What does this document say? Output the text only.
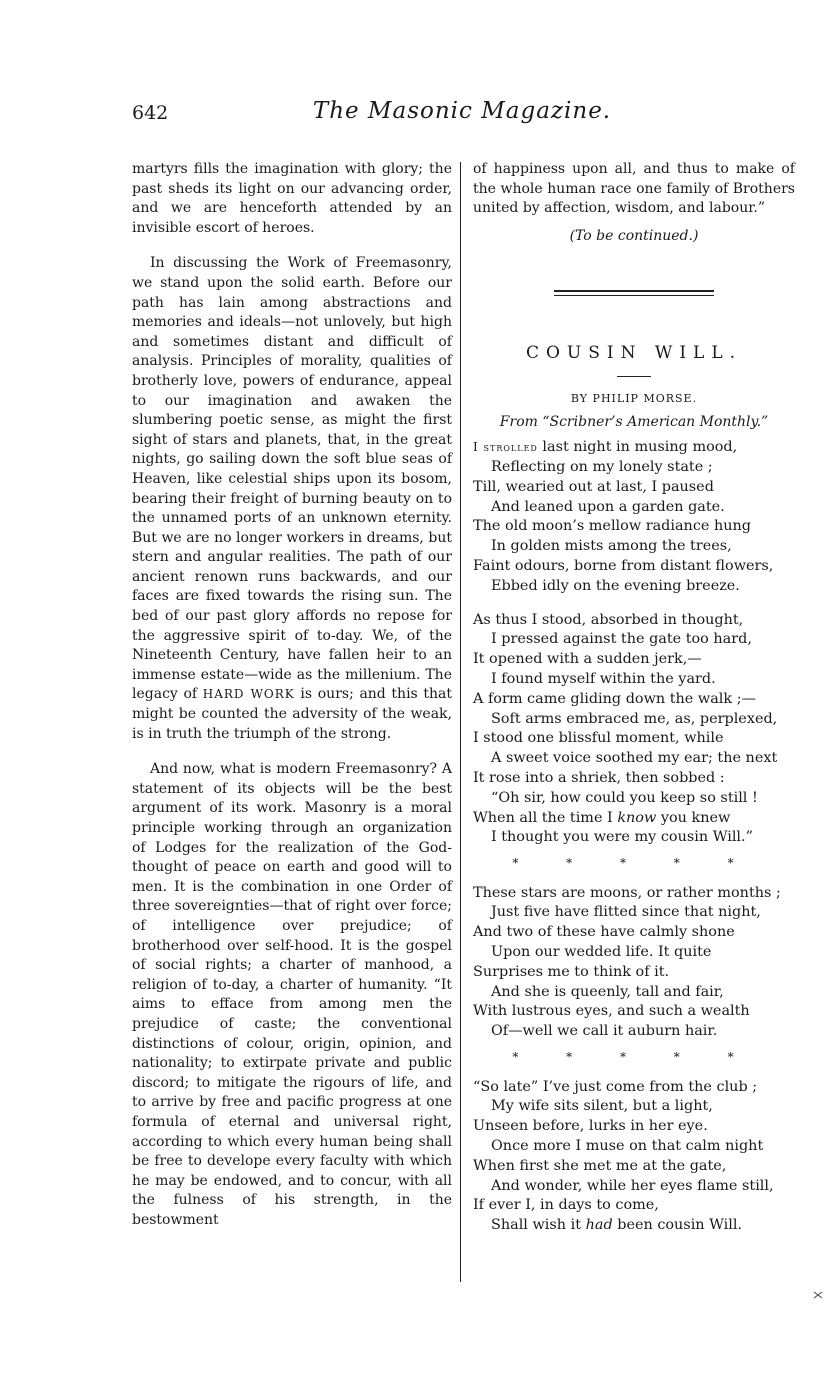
642	The Masonic Magazine.

martyrs fills the imagination with glory; the past sheds its light on our advancing order, and we are henceforth attended by an invisible escort of heroes.

In discussing the Work of Freemasonry, we stand upon the solid earth. Before our path has lain among abstractions and memories and ideals—not unlovely, but high and sometimes distant and difficult of analysis. Principles of morality, qualities of brotherly love, powers of endurance, appeal to our imagination and awaken the slumbering poetic sense, as might the first sight of stars and planets, that, in the great nights, go sailing down the soft blue seas of Heaven, like celestial ships upon its bosom, bearing their freight of burning beauty on to the unnamed ports of an unknown eternity. But we are no longer workers in dreams, but stern and angular realities. The path of our ancient renown runs backwards, and our faces are fixed towards the rising sun. The bed of our past glory affords no repose for the aggressive spirit of to-day. We, of the Nineteenth Century, have fallen heir to an immense estate—wide as the millenium. The legacy of HARD WORK is ours; and this that might be counted the adversity of the weak, is in truth the triumph of the strong.

And now, what is modern Freemasonry? A statement of its objects will be the best argument of its work. Masonry is a moral principle working through an organization of Lodges for the realization of the God-thought of peace on earth and good will to men. It is the combination in one Order of three sovereignties—that of right over force; of intelligence over prejudice; of brotherhood over self-hood. It is the gospel of social rights; a charter of manhood, a religion of to-day, a charter of humanity. “It aims to efface from among men the prejudice of caste; the conventional distinctions of colour, origin, opinion, and nationality; to extirpate private and public discord; to mitigate the rigours of life, and to arrive by free and pacific progress at one formula of eternal and universal right, according to which every human being shall be free to develope every faculty with which he may be endowed, and to concur, with all the fulness of his strength, in the bestowment

of happiness upon all, and thus to make of the whole human race one family of Brothers united by affection, wisdom, and labour.”

(To be continued.)

COUSIN WILL.
BY PHILIP MORSE.
From “Scribner’s American Monthly.”
I strolled last night in musing mood,
Reflecting on my lonely state ;
Till, wearied out at last, I paused
And leaned upon a garden gate.
The old moon’s mellow radiance hung
In golden mists among the trees,
Faint odours, borne from distant flowers,
Ebbed idly on the evening breeze.
As thus I stood, absorbed in thought,
I pressed against the gate too hard,
It opened with a sudden jerk,—
I found myself within the yard.
A form came gliding down the walk ;—
Soft arms embraced me, as, perplexed,
I stood one blissful moment, while
A sweet voice soothed my ear; the next
It rose into a shriek, then sobbed :
“Oh sir, how could you keep so still !
When all the time I know you knew
I thought you were my cousin Will.”
* * * * *
These stars are moons, or rather months ;
Just five have flitted since that night,
And two of these have calmly shone
Upon our wedded life. It quite
Surprises me to think of it.
And she is queenly, tall and fair,
With lustrous eyes, and such a wealth
Of—well we call it auburn hair.
* * * * *
“So late” I’ve just come from the club ;
My wife sits silent, but a light,
Unseen before, lurks in her eye.
Once more I muse on that calm night
When first she met me at the gate,
And wonder, while her eyes flame still,
If ever I, in days to come,
Shall wish it had been cousin Will.
